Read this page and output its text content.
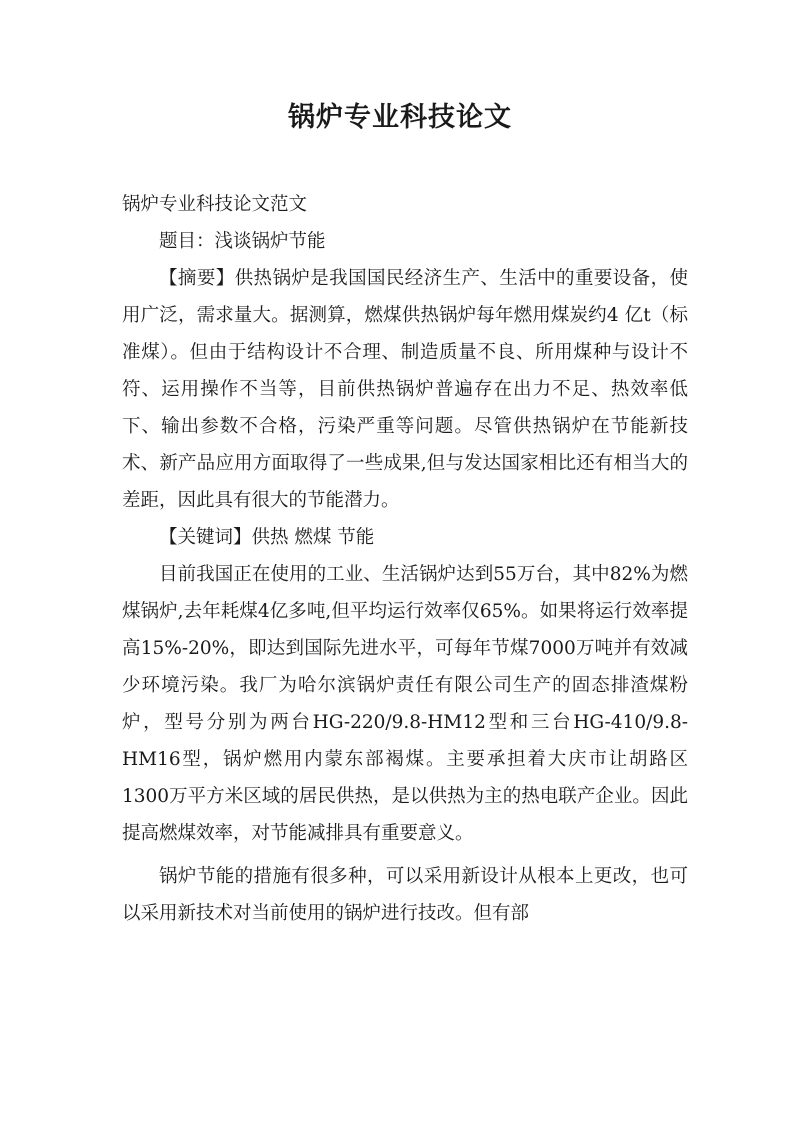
锅炉专业科技论文

锅炉专业科技论文范文

题目：浅谈锅炉节能

【摘要】供热锅炉是我国国民经济生产、生活中的重要设备，使用广泛，需求量大。据测算，燃煤供热锅炉每年燃用煤炭约4 亿t（标准煤）。但由于结构设计不合理、制造质量不良、所用煤种与设计不符、运用操作不当等，目前供热锅炉普遍存在出力不足、热效率低下、输出参数不合格，污染严重等问题。尽管供热锅炉在节能新技术、新产品应用方面取得了一些成果,但与发达国家相比还有相当大的差距，因此具有很大的节能潜力。

【关键词】供热 燃煤 节能

目前我国正在使用的工业、生活锅炉达到55万台，其中82%为燃煤锅炉,去年耗煤4亿多吨,但平均运行效率仅65%。如果将运行效率提高15%-20%，即达到国际先进水平，可每年节煤7000万吨并有效减少环境污染。我厂为哈尔滨锅炉责任有限公司生产的固态排渣煤粉炉，型号分别为两台HG-220/9.8-HM12型和三台HG-410/9.8-HM16型，锅炉燃用内蒙东部褐煤。主要承担着大庆市让胡路区1300万平方米区域的居民供热，是以供热为主的热电联产企业。因此提高燃煤效率，对节能减排具有重要意义。

锅炉节能的措施有很多种，可以采用新设计从根本上更改，也可以采用新技术对当前使用的锅炉进行技改。但有部
